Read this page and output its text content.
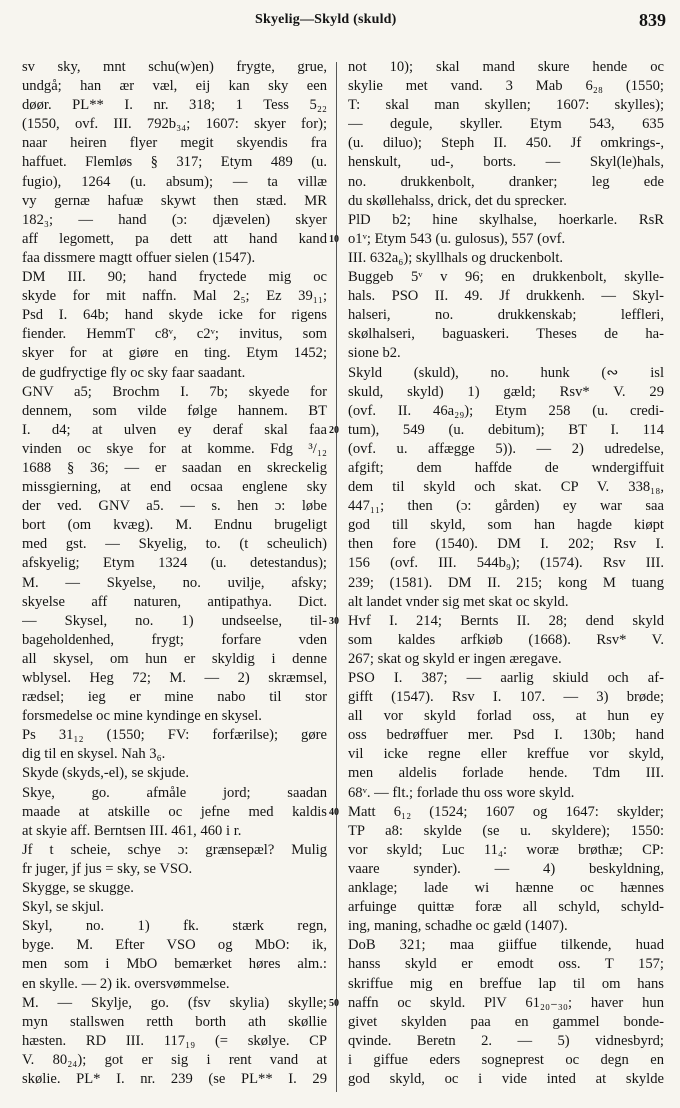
Skyelig—Skyld (skuld)	839
sv sky, mnt schu(w)en) frygte, grue,
undgå; han ær væl, eij kan sky een
døør. PL** I. nr. 318; 1 Tess 5₂₂
(1550, ovf. III. 792b₃₄; 1607: skyer for);
naar heiren flyer megit skyendis fra
haffuet. Flemløs § 317; Etym 489 (u.
fugio), 1264 (u. absum); — ta villæ
vy gernæ hafuæ skywt then stæd. MR
182₃; — hand (ɔ: djævelen) skyer
aff legomett, pa dett att hand kand
faa dissmere magtt offuer sielen (1547).
DM III. 90; hand fryctede mig oc
skyde for mit naffn. Mal 2₅; Ez 39₁₁;
Psd I. 64b; hand skyde icke for rigens
fiender. HemmT c8ᵛ, c2ᵛ; invitus, som
skyer for at giøre en ting. Etym 1452;
de gudfryctige fly oc sky faar saadant.
GNV a5; Brochm I. 7b; skyede for
dennem, som vilde følge hannem. BT
I. d4; at ulven ey deraf skal faa
vinden oc skye for at komme. Fdg ³/₁₂
1688 § 36; — er saadan en skreckelig
missgierning, at end ocsaa englene sky
der ved. GNV a5. — s. hen ɔ: løbe
bort (om kvæg). M. Endnu brugeligt
med gst. — Skyelig, to. (t scheulich)
afskyelig; Etym 1324 (u. detestandus);
M. — Skyelse, no. uvilje, afsky;
skyelse aff naturen, antipathya. Dict.
— Skysel, no. 1) undseelse, til-
bageholdenhed, frygt; forfare vden
all skysel, om hun er skyldig i denne
wblysel. Heg 72; M. — 2) skræmsel,
rædsel; ieg er mine nabo til stor
forsmedelse oc mine kyndinge en skysel.
Ps 31₁₂ (1550; FV: forfærilse); gøre
dig til en skysel. Nah 3₆.
Skyde (skyds,-el), se skjude.
Skye, go. afmåle jord; saadan
maade at atskille oc jefne med kaldis
at skyie aff. Berntsen III. 461, 460 i r.
Jf t scheie, schye ɔ: grænsepæl? Mulig
fr juger, jf jus = sky, se VSO.
Skygge, se skugge.
Skyl, se skjul.
Skyl, no. 1) fk. stærk regn,
byge. M. Efter VSO og MbO: ik,
men som i MbO bemærket høres alm.:
en skylle. — 2) ik. oversvømmelse.
M. — Skylje, go. (fsv skylia) skylle;
myn stallswen retth borth ath skøllie
hæsten. RD III. 117₁₉ (= skølye. CP
V. 80₂₄); got er sig i rent vand at
skølie. PL* I. nr. 239 (se PL** I. 29
not 10); skal mand skure hende oc
skylie met vand. 3 Mab 6₂₈ (1550;
T: skal man skyllen; 1607: skylles);
— degule, skyller. Etym 543, 635
(u. diluo); Steph II. 450. Jf omkrings-,
henskult, ud-, borts. — Skyl(le)hals,
no. drukkenbolt, dranker; leg ede
du skøllehalss, drick, det du sprecker.
PlD b2; hine skylhalse, hoerkarle. RsR
o1ᵛ; Etym 543 (u. gulosus), 557 (ovf.
III. 632a₆); skyllhals og druckenbolt.
Buggeb 5ᵛ v 96; en drukkenbolt, skylle-
hals. PSO II. 49. Jf drukkenh. — Skyl-
halseri, no. drukkenskab; leffleri,
skølhalseri, baguaskeri. Theses de ha-
sione b2.
Skyld (skuld), no. hunk (∾ isl
skuld, skyld) 1) gæld; Rsv* V. 29
(ovf. II. 46a₂₉); Etym 258 (u. credi-
tum), 549 (u. debitum); BT I. 114
(ovf. u. affægge 5)). — 2) udredelse,
afgift; dem haffde de wndergiffuit
dem til skyld och skat. CP V. 338₁₈,
447₁₁; then (ɔ: gården) ey war saa
god till skyld, som han hagde kiøpt
then fore (1540). DM I. 202; Rsv I.
156 (ovf. III. 544b₉); (1574). Rsv III.
239; (1581). DM II. 215; kong M tuang
alt landet vnder sig met skat oc skyld.
Hvf I. 214; Bernts II. 28; dend skyld
som kaldes arfkiøb (1668). Rsv* V.
267; skat og skyld er ingen æregave.
PSO I. 387; — aarlig skiuld och af-
gifft (1547). Rsv I. 107. — 3) brøde;
all vor skyld forlad oss, at hun ey
oss bedrøffuer mer. Psd I. 130b; hand
vil icke regne eller kreffue vor skyld,
men aldelis forlade hende. Tdm III.
68ᵛ. — flt.; forlade thu oss wore skyld.
Matt 6₁₂ (1524; 1607 og 1647: skylder;
TP a8: skylde (se u. skyldere); 1550:
vor skyld; Luc 11₄: woræ brøthæ; CP:
vaare synder). — 4) beskyldning,
anklage; lade wi hænne oc hænnes
arfuinge quittæ foræ all schyld, schyld-
ing, maning, schadhe oc gæld (1407).
DoB 321; maa giiffue tilkende, huad
hanss skyld er emodt oss. T 157;
skriffue mig en breffue lap til om hans
naffn oc skyld. PlV 61₂₀₋₃₀; haver hun
givet skylden paa en gammel bonde-
qvinde. Beretn 2. — 5) vidnesbyrd;
i giffue eders sogneprest oc degn en
god skyld, oc i vide inted at skylde
10
20
30
40
50
